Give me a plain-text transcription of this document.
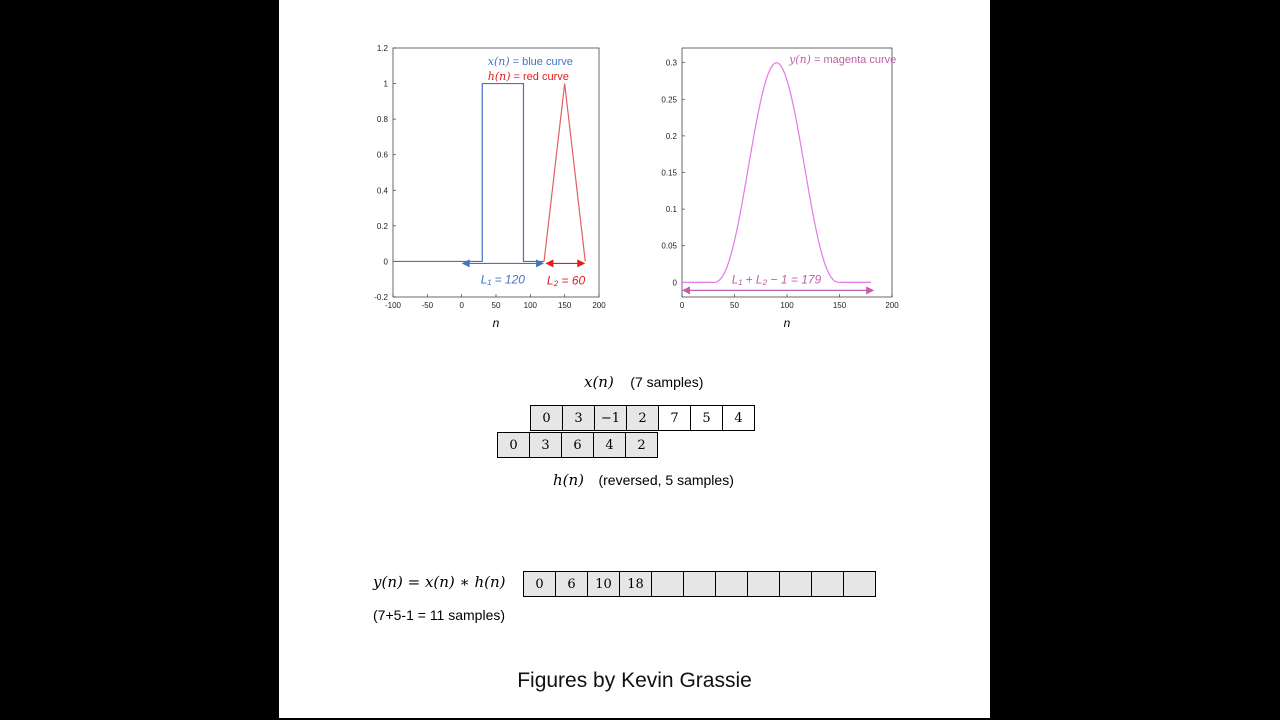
-100	-50	0	50	100	150	200
-0.2
0
0.2
0.4
0.6
0.8
1
1.2
n
L₁ = 120 L₂ = 60
x(n) = blue curve
h(n) = red curve
0	50	100	150	200
0
0.05
0.1
0.15
0.2
0.25
0.3
n
L₁ + L₂ − 1 = 179
y(n) = magenta curve
x(n) (7 samples)
0	3	−1	2	7	5	4
0	3	6	4	2
h(n) (reversed, 5 samples)
y(n) = x(n) ∗ h(n)
(7+5-1 = 11 samples)
0	6	10	18
Figures by Kevin Grassie
